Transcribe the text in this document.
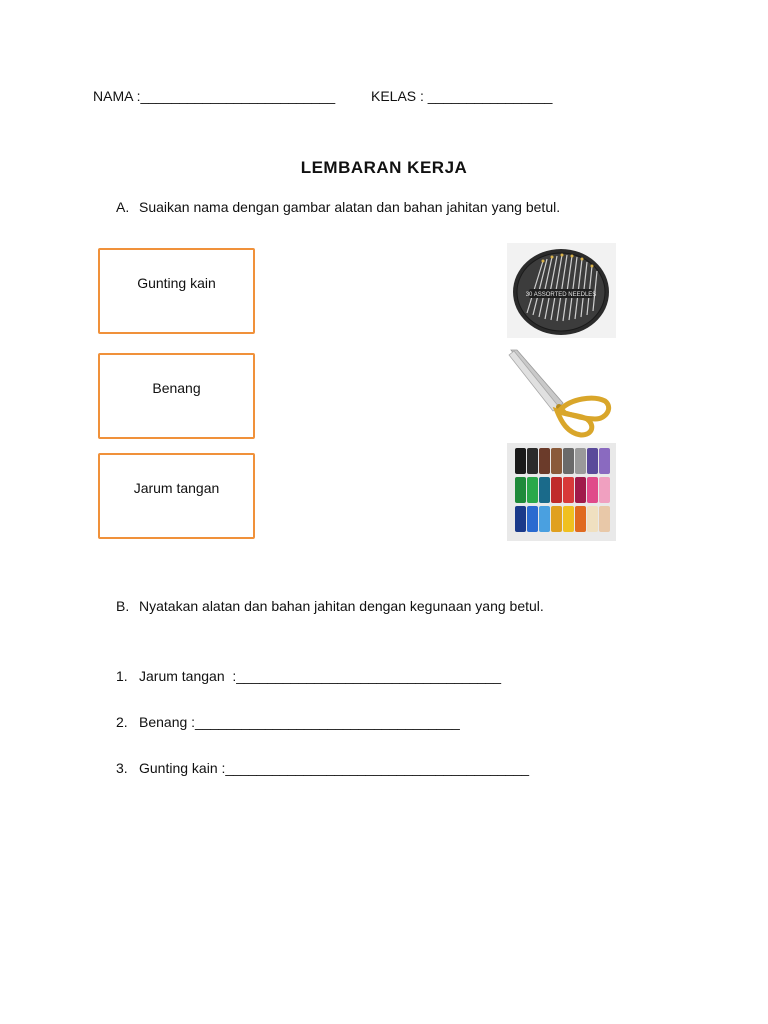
NAMA :_________________________	KELAS : ________________
LEMBARAN KERJA
A. Suaikan nama dengan gambar alatan dan bahan jahitan yang betul.
Gunting kain
Benang
Jarum tangan
30 ASSORTED NEEDLES
B. Nyatakan alatan dan bahan jahitan dengan kegunaan yang betul.
1. Jarum tangan  :__________________________________
2. Benang :__________________________________
3. Gunting kain :_______________________________________
